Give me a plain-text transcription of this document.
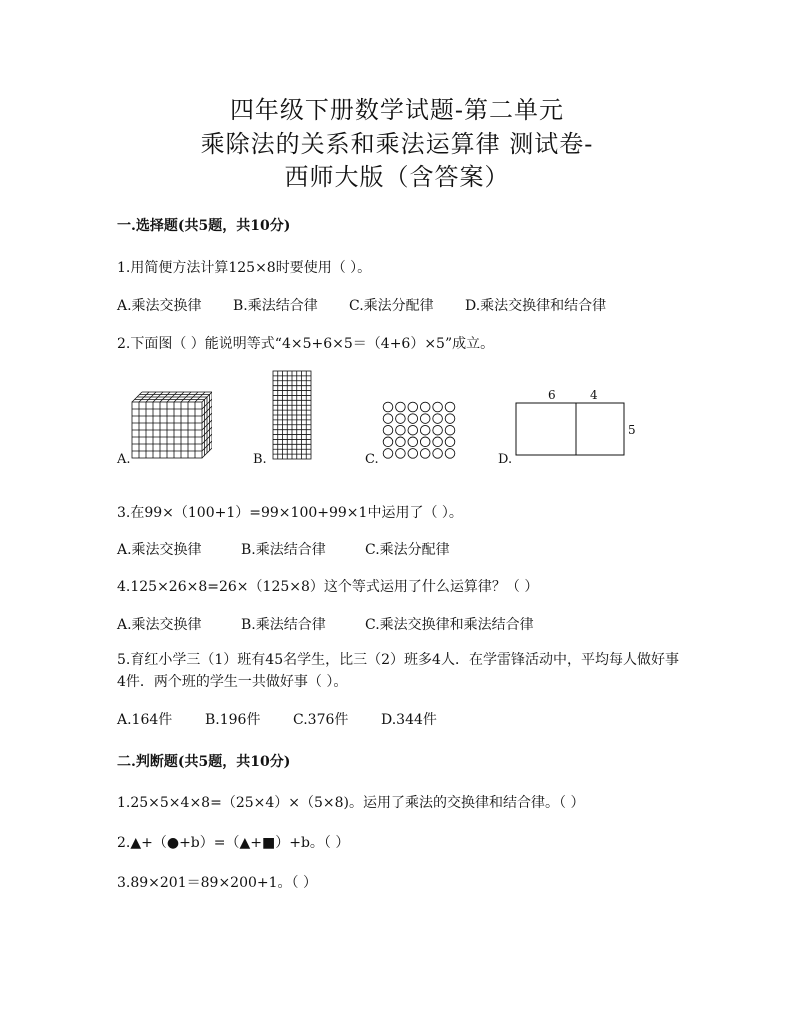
四年级下册数学试题-第二单元
乘除法的关系和乘法运算律 测试卷-
西师大版（含答案）
一.选择题(共5题，共10分)
1.用简便方法计算125×8时要使用（ ）。
A.乘法交换律 B.乘法结合律 C.乘法分配律 D.乘法交换律和结合律
2.下面图（ ）能说明等式“4×5+6×5＝（4+6）×5”成立。
6	4
5
A.	B.	C.	D.
3.在99×（100+1）=99×100+99×1中运用了（ ）。
A.乘法交换律	B.乘法结合律	C.乘法分配律
4.125×26×8=26×（125×8）这个等式运用了什么运算律？（ ）
A.乘法交换律	B.乘法结合律	C.乘法交换律和乘法结合律
5.育红小学三（1）班有45名学生，比三（2）班多4人．在学雷锋活动中，平均每人做好事4件．两个班的学生一共做好事（ ）。
A.164件 B.196件 C.376件 D.344件
二.判断题(共5题，共10分)
1.25×5×4×8=（25×4）×（5×8)。运用了乘法的交换律和结合律。（ ）
2.▲+（●+b）=（▲+■）+b。（ ）
3.89×201＝89×200+1。（ ）
